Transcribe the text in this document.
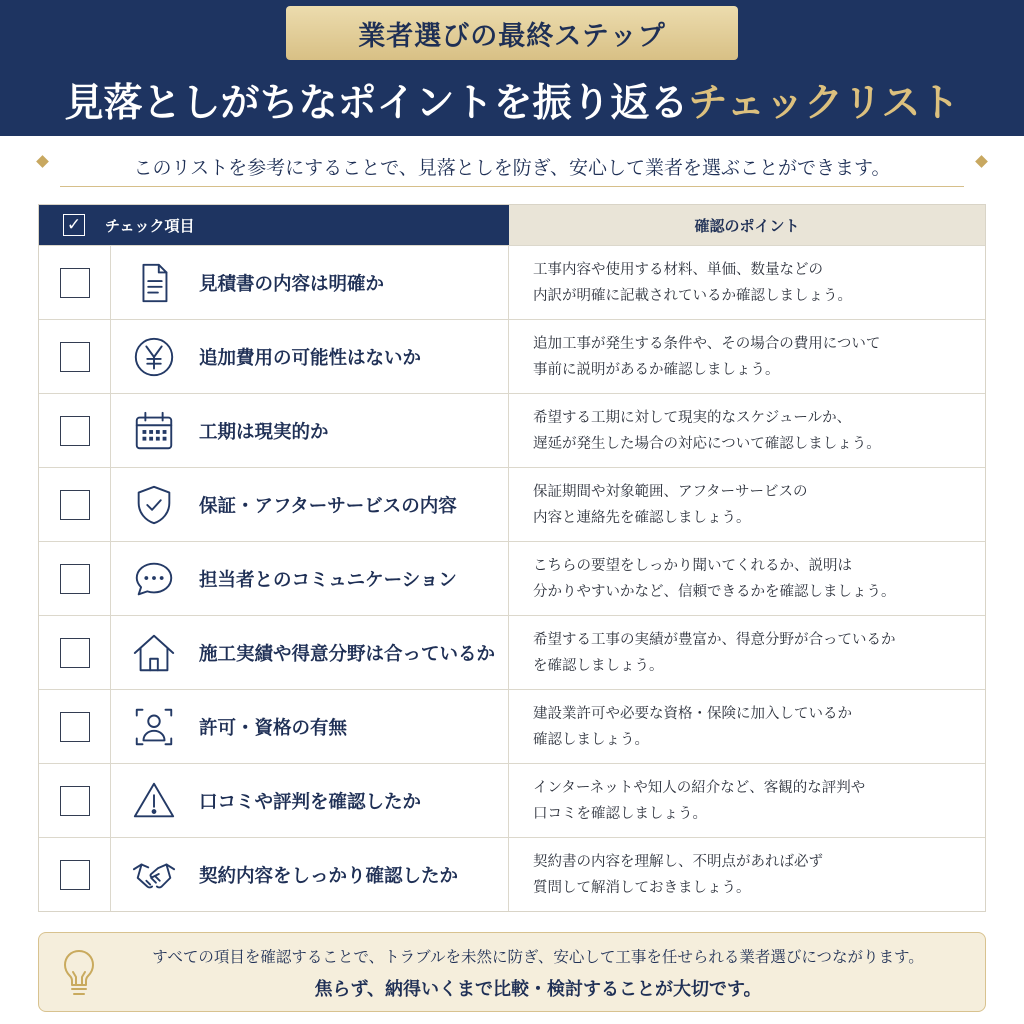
業者選びの最終ステップ
見落としがちなポイントを振り返る チェックリスト
このリストを参考にすることで、見落としを防ぎ、安心して業者を選ぶことができます。
✓ チェック項目	確認のポイント
見積書の内容は明確か
工事内容や使用する材料、単価、数量などの
内訳が明確に記載されているか確認しましょう。
追加費用の可能性はないか
追加工事が発生する条件や、その場合の費用について
事前に説明があるか確認しましょう。
工期は現実的か
希望する工期に対して現実的なスケジュールか、
遅延が発生した場合の対応について確認しましょう。
保証・アフターサービスの内容
保証期間や対象範囲、アフターサービスの
内容と連絡先を確認しましょう。
担当者とのコミュニケーション
こちらの要望をしっかり聞いてくれるか、説明は
分かりやすいかなど、信頼できるかを確認しましょう。
施工実績や得意分野は合っているか
希望する工事の実績が豊富か、得意分野が合っているか
を確認しましょう。
許可・資格の有無
建設業許可や必要な資格・保険に加入しているか
確認しましょう。
口コミや評判を確認したか
インターネットや知人の紹介など、客観的な評判や
口コミを確認しましょう。
契約内容をしっかり確認したか
契約書の内容を理解し、不明点があれば必ず
質問して解消しておきましょう。
すべての項目を確認することで、トラブルを未然に防ぎ、安心して工事を任せられる業者選びにつながります。
焦らず、納得いくまで比較・検討することが大切です。
